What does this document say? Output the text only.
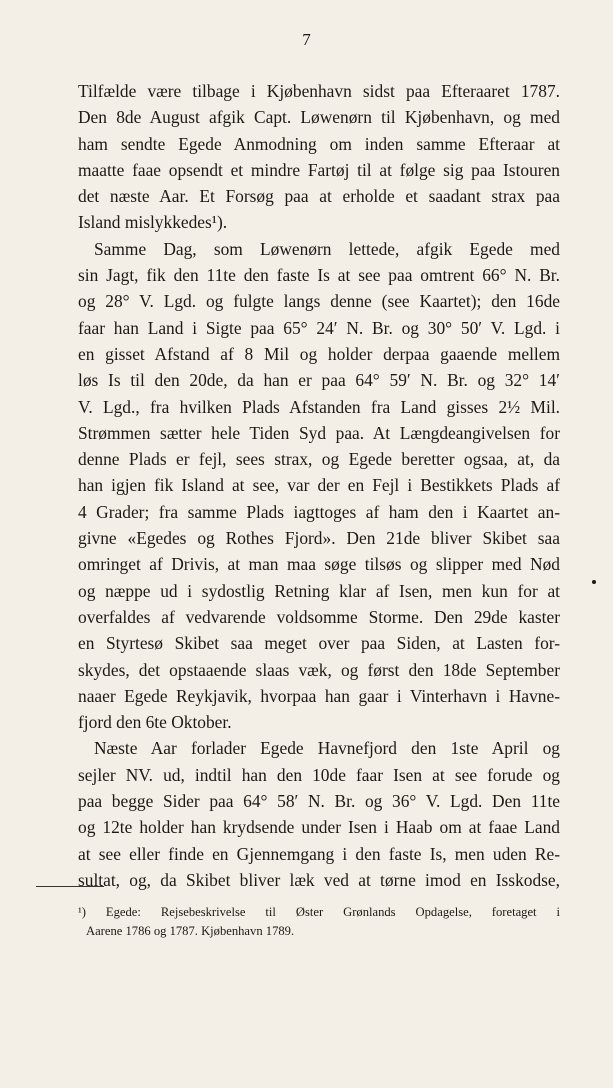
7
Tilfælde være tilbage i Kjøbenhavn sidst paa Efteraaret 1787.
Den 8de August afgik Capt. Løwenørn til Kjøbenhavn, og med
ham sendte Egede Anmodning om inden samme Efteraar at
maatte faae opsendt et mindre Fartøj til at følge sig paa Istouren
det næste Aar. Et Forsøg paa at erholde et saadant strax paa
Island mislykkedes¹).
Samme Dag, som Løwenørn lettede, afgik Egede med
sin Jagt, fik den 11te den faste Is at see paa omtrent 66° N. Br.
og 28° V. Lgd. og fulgte langs denne (see Kaartet); den 16de
faar han Land i Sigte paa 65° 24′ N. Br. og 30° 50′ V. Lgd. i
en gisset Afstand af 8 Mil og holder derpaa gaaende mellem
løs Is til den 20de, da han er paa 64° 59′ N. Br. og 32° 14′
V. Lgd., fra hvilken Plads Afstanden fra Land gisses 2½ Mil.
Strømmen sætter hele Tiden Syd paa. At Længdeangivelsen for
denne Plads er fejl, sees strax, og Egede beretter ogsaa, at, da
han igjen fik Island at see, var der en Fejl i Bestikkets Plads af
4 Grader; fra samme Plads iagttoges af ham den i Kaartet an-
givne «Egedes og Rothes Fjord». Den 21de bliver Skibet saa
omringet af Drivis, at man maa søge tilsøs og slipper med Nød
og næppe ud i sydostlig Retning klar af Isen, men kun for at
overfaldes af vedvarende voldsomme Storme. Den 29de kaster
en Styrtesø Skibet saa meget over paa Siden, at Lasten for-
skydes, det opstaaende slaas væk, og først den 18de September
naaer Egede Reykjavik, hvorpaa han gaar i Vinterhavn i Havne-
fjord den 6te Oktober.
Næste Aar forlader Egede Havnefjord den 1ste April og
sejler NV. ud, indtil han den 10de faar Isen at see forude og
paa begge Sider paa 64° 58′ N. Br. og 36° V. Lgd. Den 11te
og 12te holder han krydsende under Isen i Haab om at faae Land
at see eller finde en Gjennemgang i den faste Is, men uden Re-
sultat, og, da Skibet bliver læk ved at tørne imod en Isskodse,
¹) Egede: Rejsebeskrivelse til Øster Grønlands Opdagelse, foretaget i
Aarene 1786 og 1787. Kjøbenhavn 1789.
